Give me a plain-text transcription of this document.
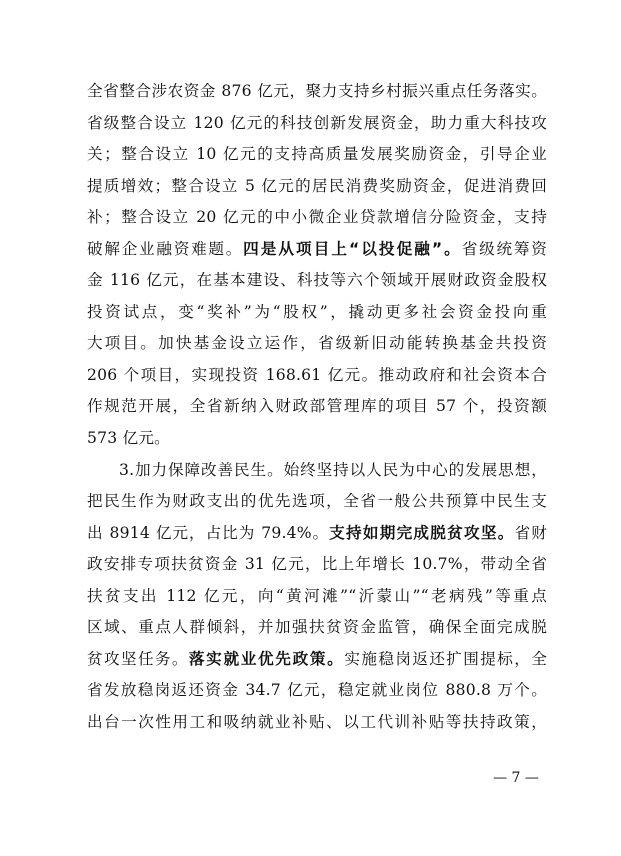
全省整合涉农资金 876 亿元，聚力支持乡村振兴重点任务落实。
省级整合设立 120 亿元的科技创新发展资金，助力重大科技攻
关；整合设立 10 亿元的支持高质量发展奖励资金，引导企业
提质增效；整合设立 5 亿元的居民消费奖励资金，促进消费回
补；整合设立 20 亿元的中小微企业贷款增信分险资金，支持
破解企业融资难题。四是从项目上“以投促融”。省级统筹资
金 116 亿元，在基本建设、科技等六个领域开展财政资金股权
投资试点，变“奖补”为“股权”，撬动更多社会资金投向重
大项目。加快基金设立运作，省级新旧动能转换基金共投资
206 个项目，实现投资 168.61 亿元。推动政府和社会资本合
作规范开展，全省新纳入财政部管理库的项目 57 个，投资额
573 亿元。
3.加力保障改善民生。始终坚持以人民为中心的发展思想，
把民生作为财政支出的优先选项，全省一般公共预算中民生支
出 8914 亿元，占比为 79.4%。支持如期完成脱贫攻坚。省财
政安排专项扶贫资金 31 亿元，比上年增长 10.7%，带动全省
扶贫支出 112 亿元，向“黄河滩”“沂蒙山”“老病残”等重点
区域、重点人群倾斜，并加强扶贫资金监管，确保全面完成脱
贫攻坚任务。落实就业优先政策。实施稳岗返还扩围提标，全
省发放稳岗返还资金 34.7 亿元，稳定就业岗位 880.8 万个。
出台一次性用工和吸纳就业补贴、以工代训补贴等扶持政策，
— 7 —
